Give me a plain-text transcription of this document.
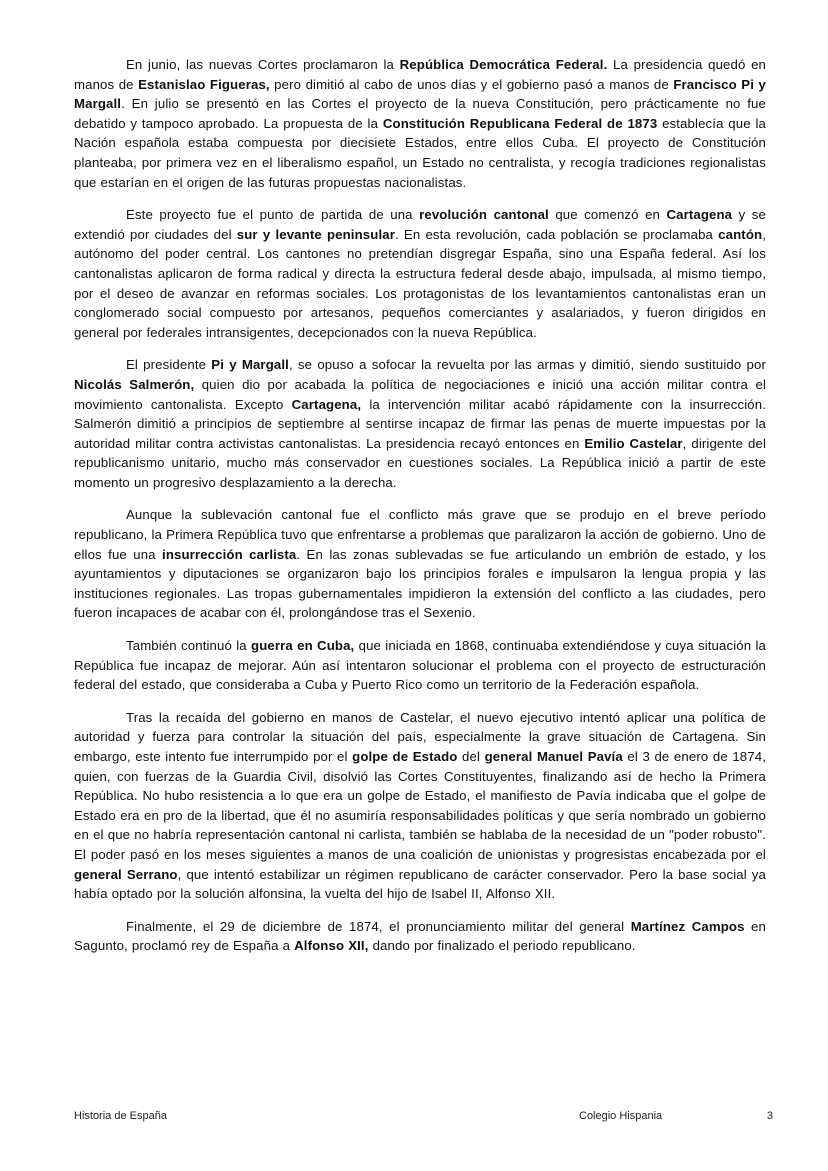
En junio, las nuevas Cortes proclamaron la República Democrática Federal. La presidencia quedó en manos de Estanislao Figueras, pero dimitió al cabo de unos días y el gobierno pasó a manos de Francisco Pi y Margall. En julio se presentó en las Cortes el proyecto de la nueva Constitución, pero prácticamente no fue debatido y tampoco aprobado. La propuesta de la Constitución Republicana Federal de 1873 establecía que la Nación española estaba compuesta por diecisiete Estados, entre ellos Cuba. El proyecto de Constitución planteaba, por primera vez en el liberalismo español, un Estado no centralista, y recogía tradiciones regionalistas que estarían en el origen de las futuras propuestas nacionalistas.

Este proyecto fue el punto de partida de una revolución cantonal que comenzó en Cartagena y se extendió por ciudades del sur y levante peninsular. En esta revolución, cada población se proclamaba cantón, autónomo del poder central. Los cantones no pretendían disgregar España, sino una España federal. Así los cantonalistas aplicaron de forma radical y directa la estructura federal desde abajo, impulsada, al mismo tiempo, por el deseo de avanzar en reformas sociales. Los protagonistas de los levantamientos cantonalistas eran un conglomerado social compuesto por artesanos, pequeños comerciantes y asalariados, y fueron dirigidos en general por federales intransigentes, decepcionados con la nueva República.

El presidente Pi y Margall, se opuso a sofocar la revuelta por las armas y dimitió, siendo sustituido por Nicolás Salmerón, quien dio por acabada la política de negociaciones e inició una acción militar contra el movimiento cantonalista. Excepto Cartagena, la intervención militar acabó rápidamente con la insurrección. Salmerón dimitió a principios de septiembre al sentirse incapaz de firmar las penas de muerte impuestas por la autoridad militar contra activistas cantonalistas. La presidencia recayó entonces en Emilio Castelar, dirigente del republicanismo unitario, mucho más conservador en cuestiones sociales. La República inició a partir de este momento un progresivo desplazamiento a la derecha.

Aunque la sublevación cantonal fue el conflicto más grave que se produjo en el breve período republicano, la Primera República tuvo que enfrentarse a problemas que paralizaron la acción de gobierno. Uno de ellos fue una insurrección carlista. En las zonas sublevadas se fue articulando un embrión de estado, y los ayuntamientos y diputaciones se organizaron bajo los principios forales e impulsaron la lengua propia y las instituciones regionales. Las tropas gubernamentales impidieron la extensión del conflicto a las ciudades, pero fueron incapaces de acabar con él, prolongándose tras el Sexenio.

También continuó la guerra en Cuba, que iniciada en 1868, continuaba extendiéndose y cuya situación la República fue incapaz de mejorar. Aún así intentaron solucionar el problema con el proyecto de estructuración federal del estado, que consideraba a Cuba y Puerto Rico como un territorio de la Federación española.

Tras la recaída del gobierno en manos de Castelar, el nuevo ejecutivo intentó aplicar una política de autoridad y fuerza para controlar la situación del país, especialmente la grave situación de Cartagena. Sin embargo, este intento fue interrumpido por el golpe de Estado del general Manuel Pavía el 3 de enero de 1874, quien, con fuerzas de la Guardia Civil, disolvió las Cortes Constituyentes, finalizando así de hecho la Primera República. No hubo resistencia a lo que era un golpe de Estado, el manifiesto de Pavía indicaba que el golpe de Estado era en pro de la libertad, que él no asumiría responsabilidades políticas y que sería nombrado un gobierno en el que no habría representación cantonal ni carlista, también se hablaba de la necesidad de un "poder robusto". El poder pasó en los meses siguientes a manos de una coalición de unionistas y progresistas encabezada por el general Serrano, que intentó estabilizar un régimen republicano de carácter conservador. Pero la base social ya había optado por la solución alfonsina, la vuelta del hijo de Isabel II, Alfonso XII.

Finalmente, el 29 de diciembre de 1874, el pronunciamiento militar del general Martínez Campos en Sagunto, proclamó rey de España a Alfonso XII, dando por finalizado el periodo republicano.

Historia de España	Colegio Hispania	3
